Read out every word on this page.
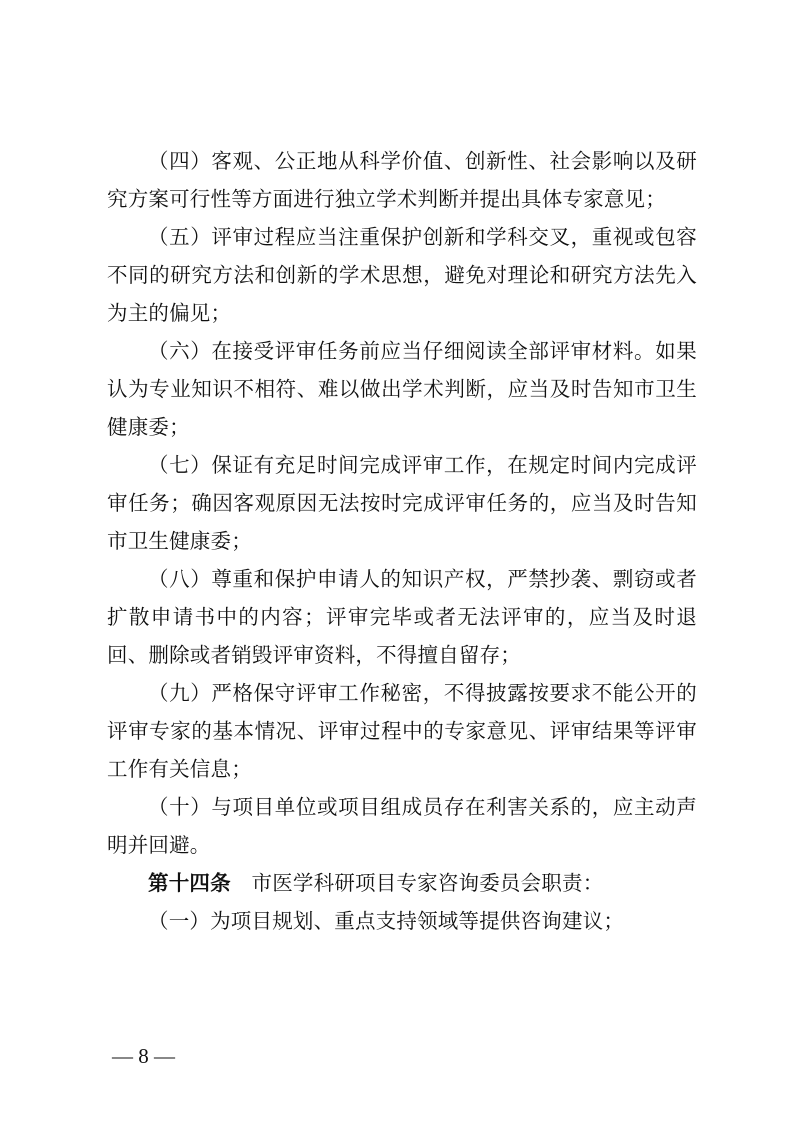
（四）客观、公正地从科学价值、创新性、社会影响以及研究方案可行性等方面进行独立学术判断并提出具体专家意见；

（五）评审过程应当注重保护创新和学科交叉，重视或包容不同的研究方法和创新的学术思想，避免对理论和研究方法先入为主的偏见；

（六）在接受评审任务前应当仔细阅读全部评审材料。如果认为专业知识不相符、难以做出学术判断，应当及时告知市卫生健康委；

（七）保证有充足时间完成评审工作，在规定时间内完成评审任务；确因客观原因无法按时完成评审任务的，应当及时告知市卫生健康委；

（八）尊重和保护申请人的知识产权，严禁抄袭、剽窃或者扩散申请书中的内容；评审完毕或者无法评审的，应当及时退回、删除或者销毁评审资料，不得擅自留存；

（九）严格保守评审工作秘密，不得披露按要求不能公开的评审专家的基本情况、评审过程中的专家意见、评审结果等评审工作有关信息；

（十）与项目单位或项目组成员存在利害关系的，应主动声明并回避。

第十四条  市医学科研项目专家咨询委员会职责：

（一）为项目规划、重点支持领域等提供咨询建议；

— 8 —
